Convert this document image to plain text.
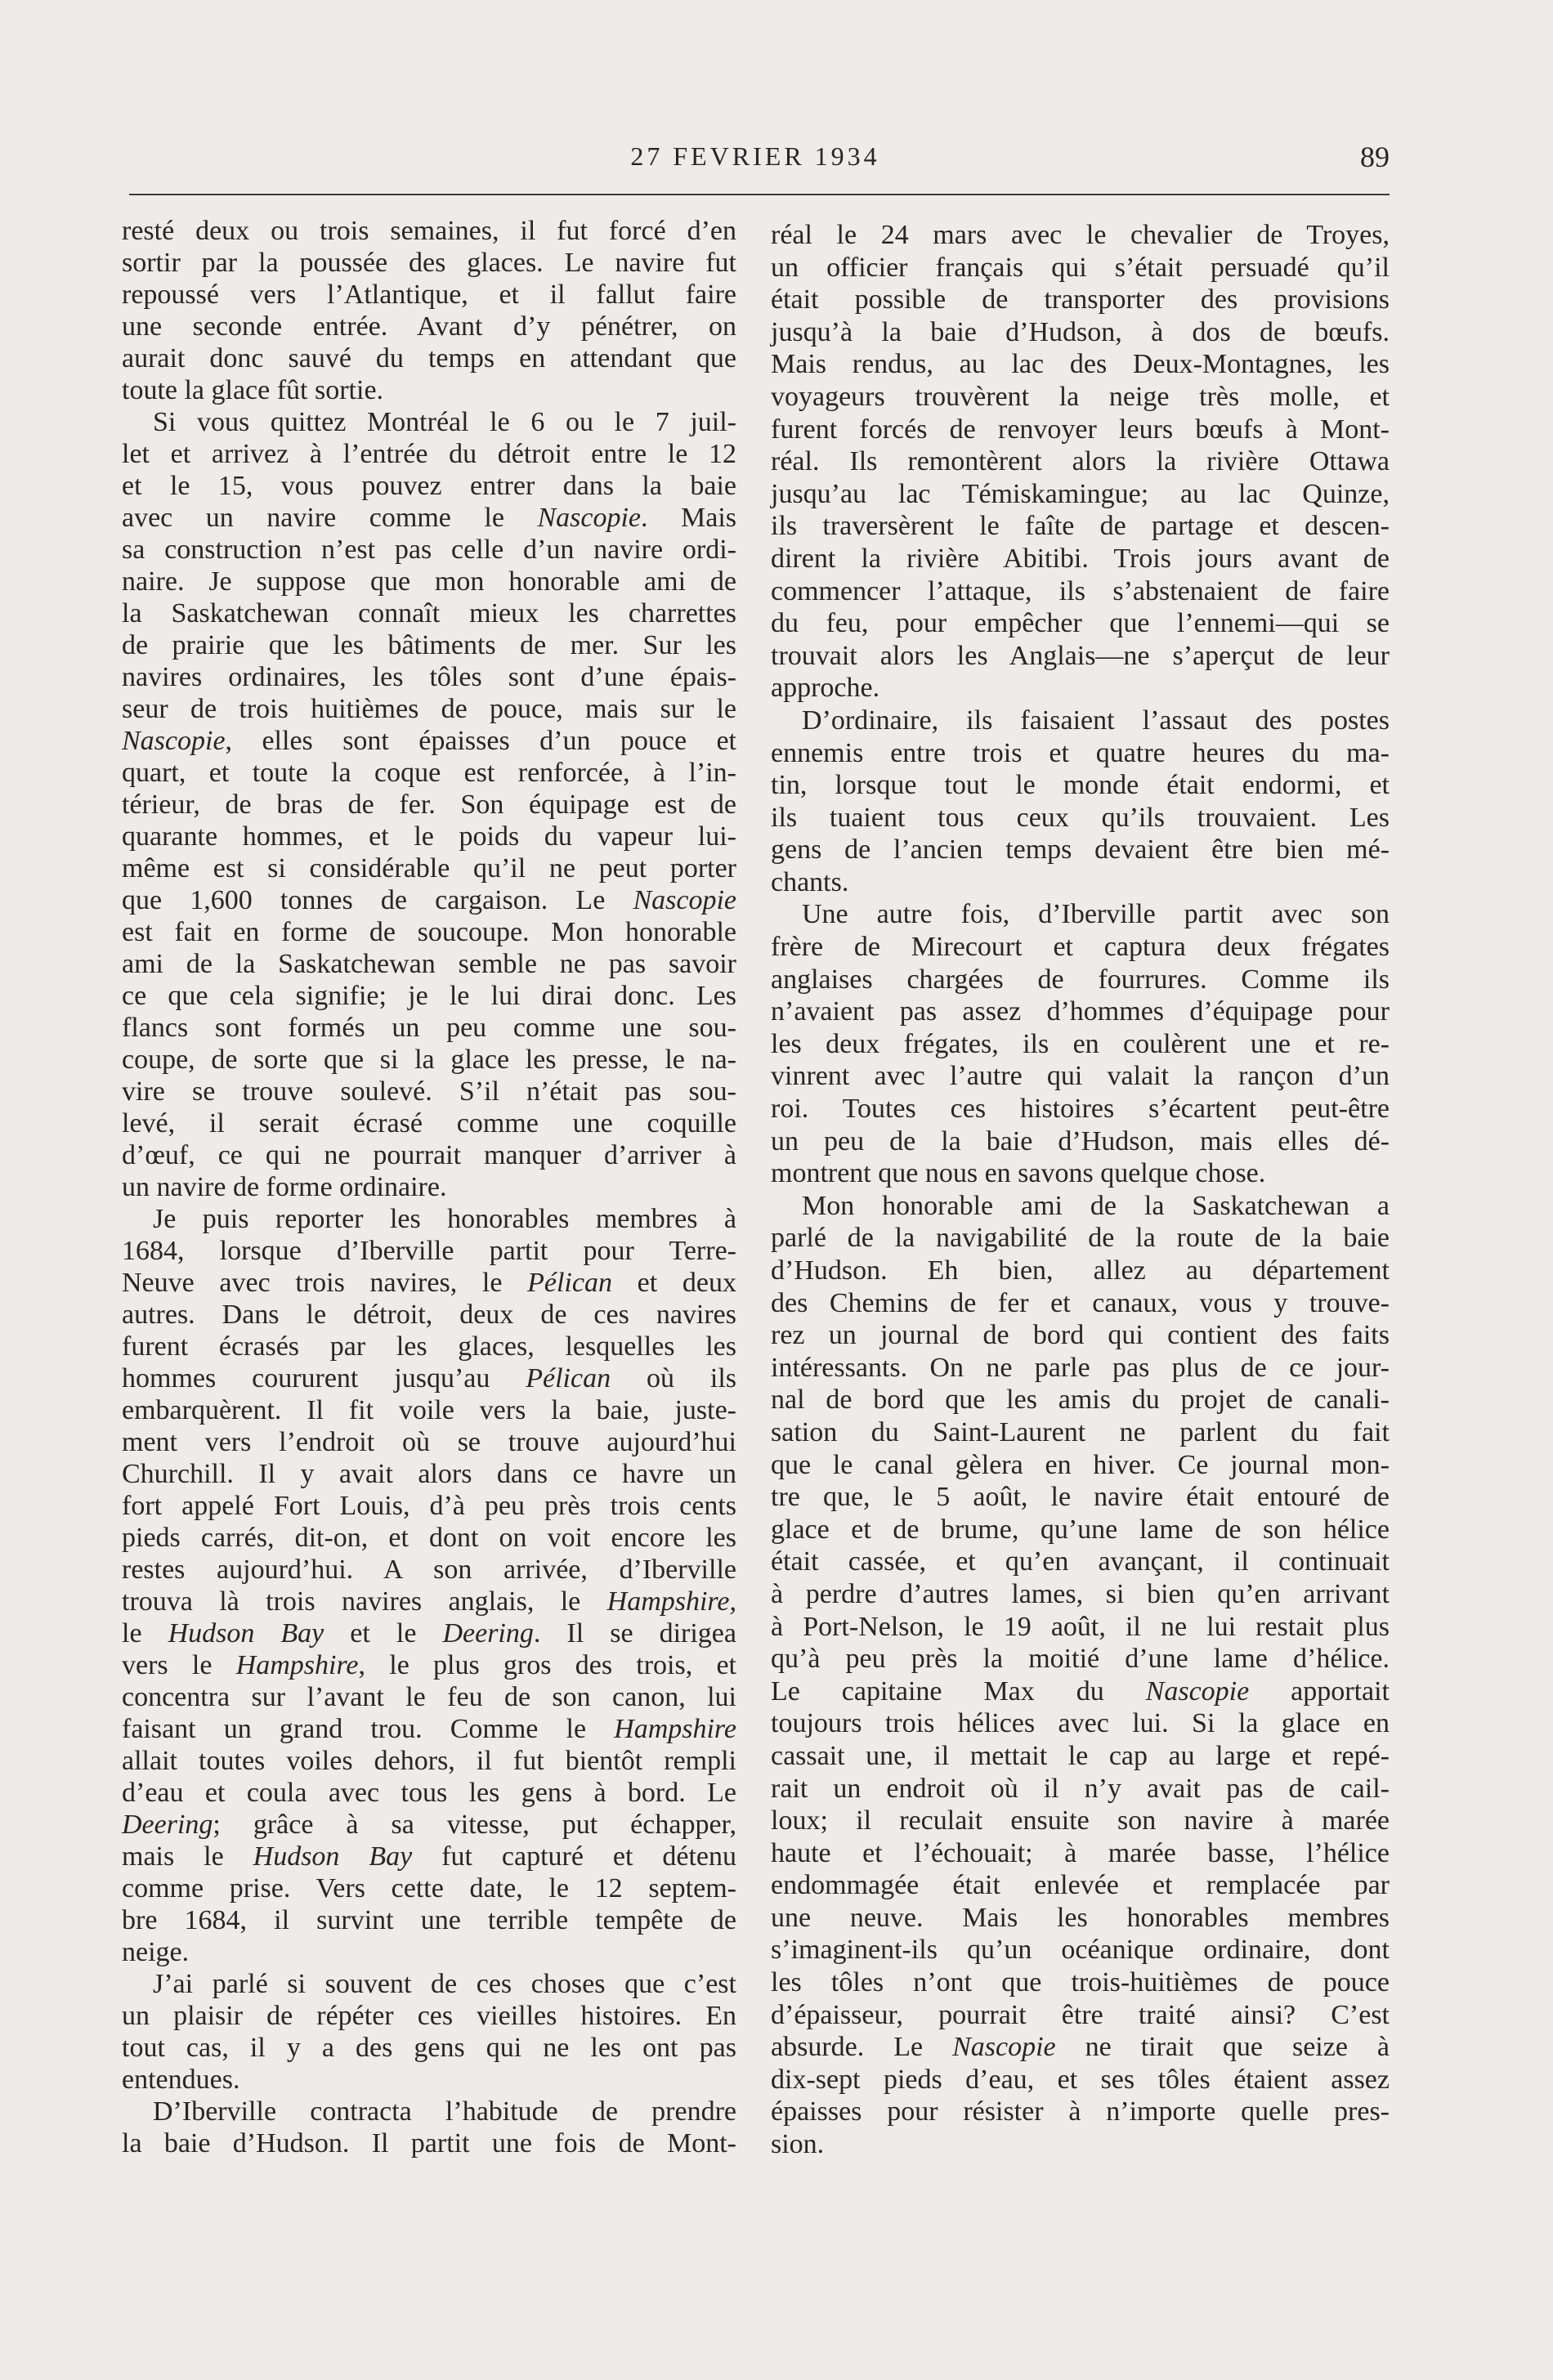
27 FEVRIER 1934	89
resté deux ou trois semaines, il fut forcé d’en
sortir par la poussée des glaces. Le navire fut
repoussé vers l’Atlantique, et il fallut faire
une seconde entrée. Avant d’y pénétrer, on
aurait donc sauvé du temps en attendant que
toute la glace fût sortie.
Si vous quittez Montréal le 6 ou le 7 juil-
let et arrivez à l’entrée du détroit entre le 12
et le 15, vous pouvez entrer dans la baie
avec un navire comme le Nascopie. Mais
sa construction n’est pas celle d’un navire ordi-
naire. Je suppose que mon honorable ami de
la Saskatchewan connaît mieux les charrettes
de prairie que les bâtiments de mer. Sur les
navires ordinaires, les tôles sont d’une épais-
seur de trois huitièmes de pouce, mais sur le
Nascopie, elles sont épaisses d’un pouce et
quart, et toute la coque est renforcée, à l’in-
térieur, de bras de fer. Son équipage est de
quarante hommes, et le poids du vapeur lui-
même est si considérable qu’il ne peut porter
que 1,600 tonnes de cargaison. Le Nascopie
est fait en forme de soucoupe. Mon honorable
ami de la Saskatchewan semble ne pas savoir
ce que cela signifie; je le lui dirai donc. Les
flancs sont formés un peu comme une sou-
coupe, de sorte que si la glace les presse, le na-
vire se trouve soulevé. S’il n’était pas sou-
levé, il serait écrasé comme une coquille
d’œuf, ce qui ne pourrait manquer d’arriver à
un navire de forme ordinaire.
Je puis reporter les honorables membres à
1684, lorsque d’Iberville partit pour Terre-
Neuve avec trois navires, le Pélican et deux
autres. Dans le détroit, deux de ces navires
furent écrasés par les glaces, lesquelles les
hommes coururent jusqu’au Pélican où ils
embarquèrent. Il fit voile vers la baie, juste-
ment vers l’endroit où se trouve aujourd’hui
Churchill. Il y avait alors dans ce havre un
fort appelé Fort Louis, d’à peu près trois cents
pieds carrés, dit-on, et dont on voit encore les
restes aujourd’hui. A son arrivée, d’Iberville
trouva là trois navires anglais, le Hampshire,
le Hudson Bay et le Deering. Il se dirigea
vers le Hampshire, le plus gros des trois, et
concentra sur l’avant le feu de son canon, lui
faisant un grand trou. Comme le Hampshire
allait toutes voiles dehors, il fut bientôt rempli
d’eau et coula avec tous les gens à bord. Le
Deering; grâce à sa vitesse, put échapper,
mais le Hudson Bay fut capturé et détenu
comme prise. Vers cette date, le 12 septem-
bre 1684, il survint une terrible tempête de
neige.
J’ai parlé si souvent de ces choses que c’est
un plaisir de répéter ces vieilles histoires. En
tout cas, il y a des gens qui ne les ont pas
entendues.
D’Iberville contracta l’habitude de prendre
la baie d’Hudson. Il partit une fois de Mont-
réal le 24 mars avec le chevalier de Troyes,
un officier français qui s’était persuadé qu’il
était possible de transporter des provisions
jusqu’à la baie d’Hudson, à dos de bœufs.
Mais rendus, au lac des Deux-Montagnes, les
voyageurs trouvèrent la neige très molle, et
furent forcés de renvoyer leurs bœufs à Mont-
réal. Ils remontèrent alors la rivière Ottawa
jusqu’au lac Témiskamingue; au lac Quinze,
ils traversèrent le faîte de partage et descen-
dirent la rivière Abitibi. Trois jours avant de
commencer l’attaque, ils s’abstenaient de faire
du feu, pour empêcher que l’ennemi—qui se
trouvait alors les Anglais—ne s’aperçut de leur
approche.
D’ordinaire, ils faisaient l’assaut des postes
ennemis entre trois et quatre heures du ma-
tin, lorsque tout le monde était endormi, et
ils tuaient tous ceux qu’ils trouvaient. Les
gens de l’ancien temps devaient être bien mé-
chants.
Une autre fois, d’Iberville partit avec son
frère de Mirecourt et captura deux frégates
anglaises chargées de fourrures. Comme ils
n’avaient pas assez d’hommes d’équipage pour
les deux frégates, ils en coulèrent une et re-
vinrent avec l’autre qui valait la rançon d’un
roi. Toutes ces histoires s’écartent peut-être
un peu de la baie d’Hudson, mais elles dé-
montrent que nous en savons quelque chose.
Mon honorable ami de la Saskatchewan a
parlé de la navigabilité de la route de la baie
d’Hudson. Eh bien, allez au département
des Chemins de fer et canaux, vous y trouve-
rez un journal de bord qui contient des faits
intéressants. On ne parle pas plus de ce jour-
nal de bord que les amis du projet de canali-
sation du Saint-Laurent ne parlent du fait
que le canal gèlera en hiver. Ce journal mon-
tre que, le 5 août, le navire était entouré de
glace et de brume, qu’une lame de son hélice
était cassée, et qu’en avançant, il continuait
à perdre d’autres lames, si bien qu’en arrivant
à Port-Nelson, le 19 août, il ne lui restait plus
qu’à peu près la moitié d’une lame d’hélice.
Le capitaine Max du Nascopie apportait
toujours trois hélices avec lui. Si la glace en
cassait une, il mettait le cap au large et repé-
rait un endroit où il n’y avait pas de cail-
loux; il reculait ensuite son navire à marée
haute et l’échouait; à marée basse, l’hélice
endommagée était enlevée et remplacée par
une neuve. Mais les honorables membres
s’imaginent-ils qu’un océanique ordinaire, dont
les tôles n’ont que trois-huitièmes de pouce
d’épaisseur, pourrait être traité ainsi? C’est
absurde. Le Nascopie ne tirait que seize à
dix-sept pieds d’eau, et ses tôles étaient assez
épaisses pour résister à n’importe quelle pres-
sion.
